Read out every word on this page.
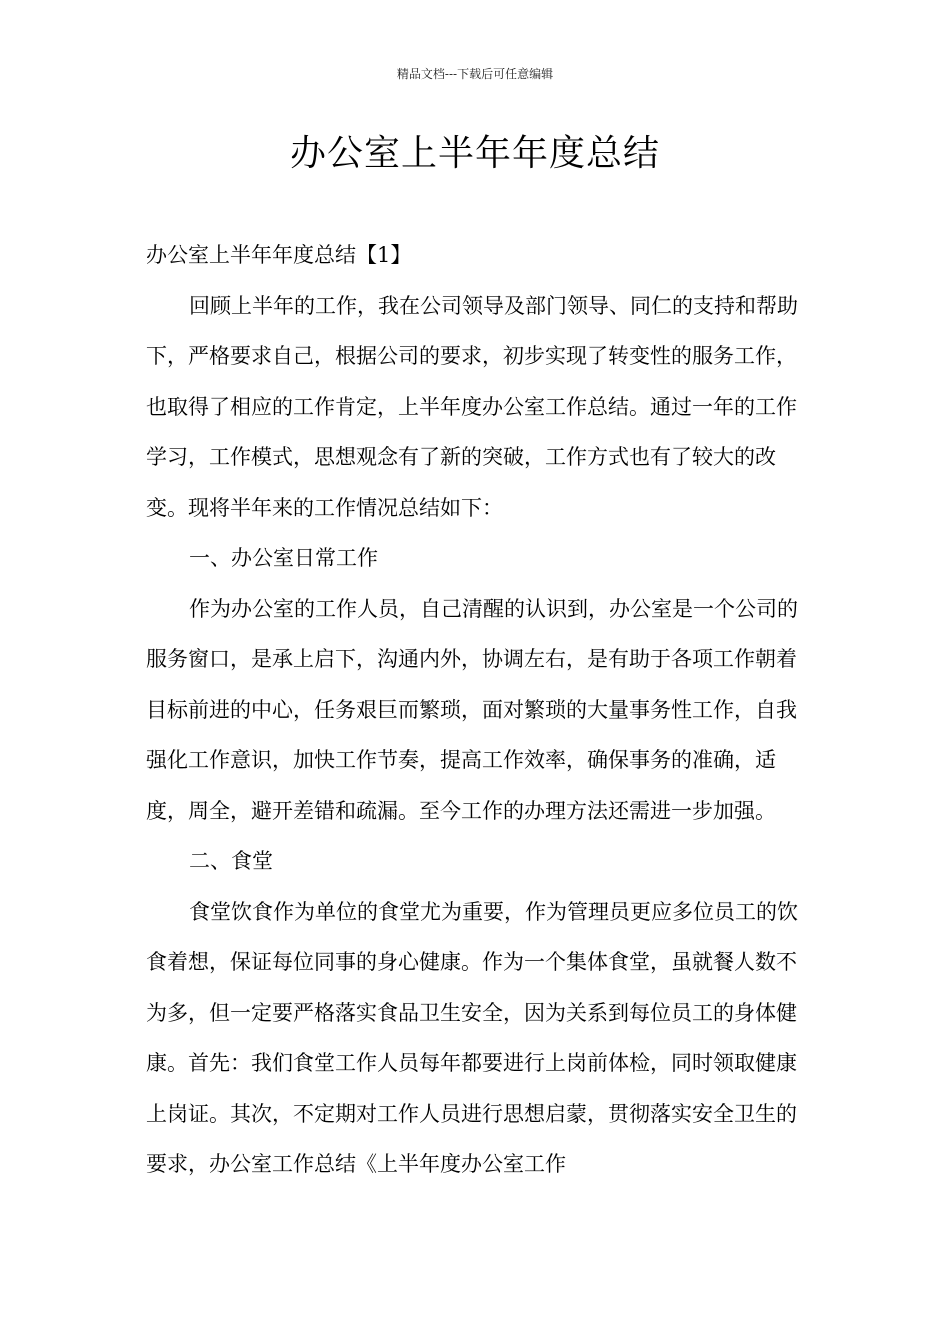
精品文档---下载后可任意编辑
办公室上半年年度总结

办公室上半年年度总结【1】

回顾上半年的工作，我在公司领导及部门领导、同仁的支持和帮助下，严格要求自己，根据公司的要求，初步实现了转变性的服务工作，也取得了相应的工作肯定，上半年度办公室工作总结。通过一年的工作学习，工作模式，思想观念有了新的突破，工作方式也有了较大的改变。现将半年来的工作情况总结如下：

一、办公室日常工作

作为办公室的工作人员，自己清醒的认识到，办公室是一个公司的服务窗口，是承上启下，沟通内外，协调左右，是有助于各项工作朝着目标前进的中心，任务艰巨而繁琐，面对繁琐的大量事务性工作，自我强化工作意识，加快工作节奏，提高工作效率，确保事务的准确，适度，周全，避开差错和疏漏。至今工作的办理方法还需进一步加强。

二、食堂

食堂饮食作为单位的食堂尤为重要，作为管理员更应多位员工的饮食着想，保证每位同事的身心健康。作为一个集体食堂，虽就餐人数不为多，但一定要严格落实食品卫生安全，因为关系到每位员工的身体健康。首先：我们食堂工作人员每年都要进行上岗前体检，同时领取健康上岗证。其次，不定期对工作人员进行思想启蒙，贯彻落实安全卫生的要求，办公室工作总结《上半年度办公室工作
